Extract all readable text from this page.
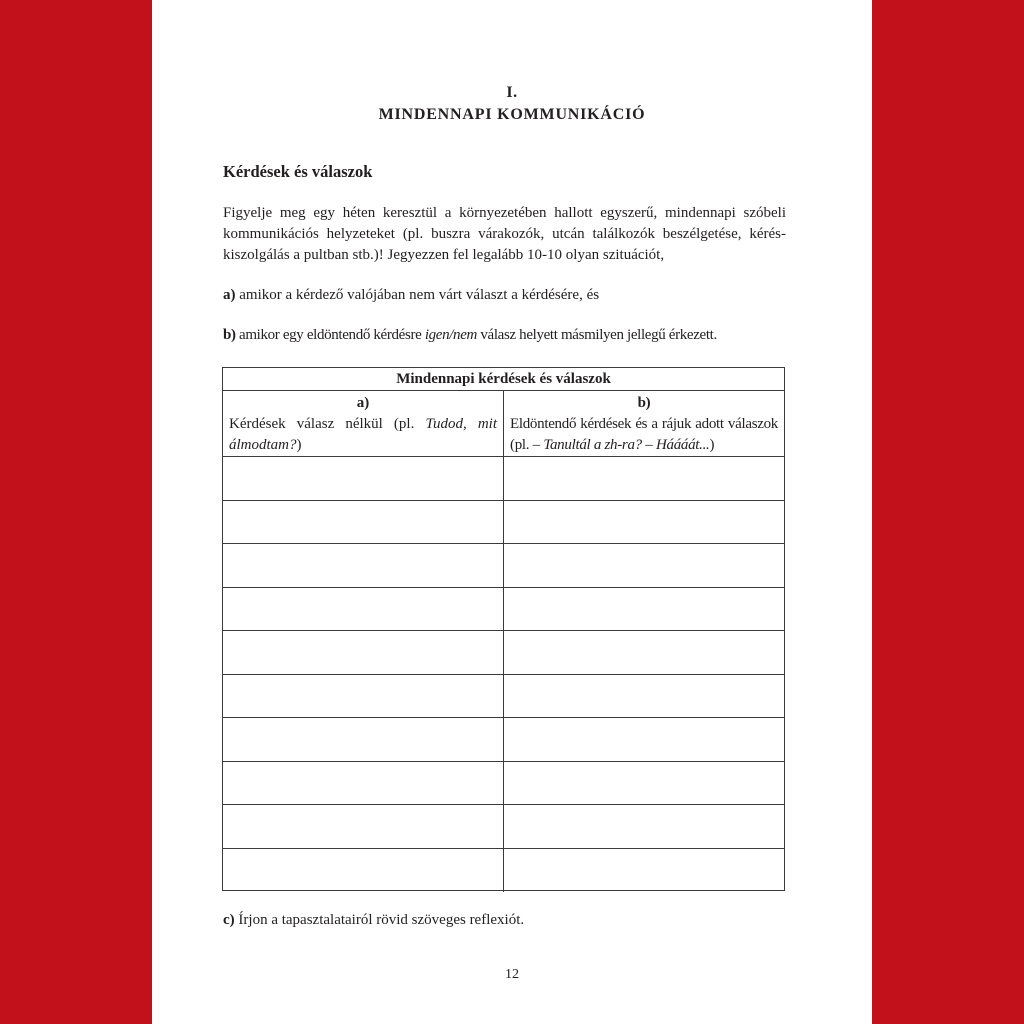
I.
MINDENNAPI KOMMUNIKÁCIÓ
Kérdések és válaszok

Figyelje meg egy héten keresztül a környezetében hallott egyszerű, mindennapi szóbeli kommunikációs helyzeteket (pl. buszra várakozók, utcán találkozók beszélgetése, kérés-kiszolgálás a pultban stb.)! Jegyezzen fel legalább 10-10 olyan szituációt,

a) amikor a kérdező valójában nem várt választ a kérdésére, és

b) amikor egy eldöntendő kérdésre igen/nem válasz helyett másmilyen jellegű érkezett.

Mindennapi kérdések és válaszok
a)
Kérdések válasz nélkül (pl. Tudod, mit álmodtam?)
b)
Eldöntendő kérdések és a rájuk adott válaszok (pl. – Tanultál a zh-ra? – Háááát...)

c) Írjon a tapasztalatairól rövid szöveges reflexiót.

12
